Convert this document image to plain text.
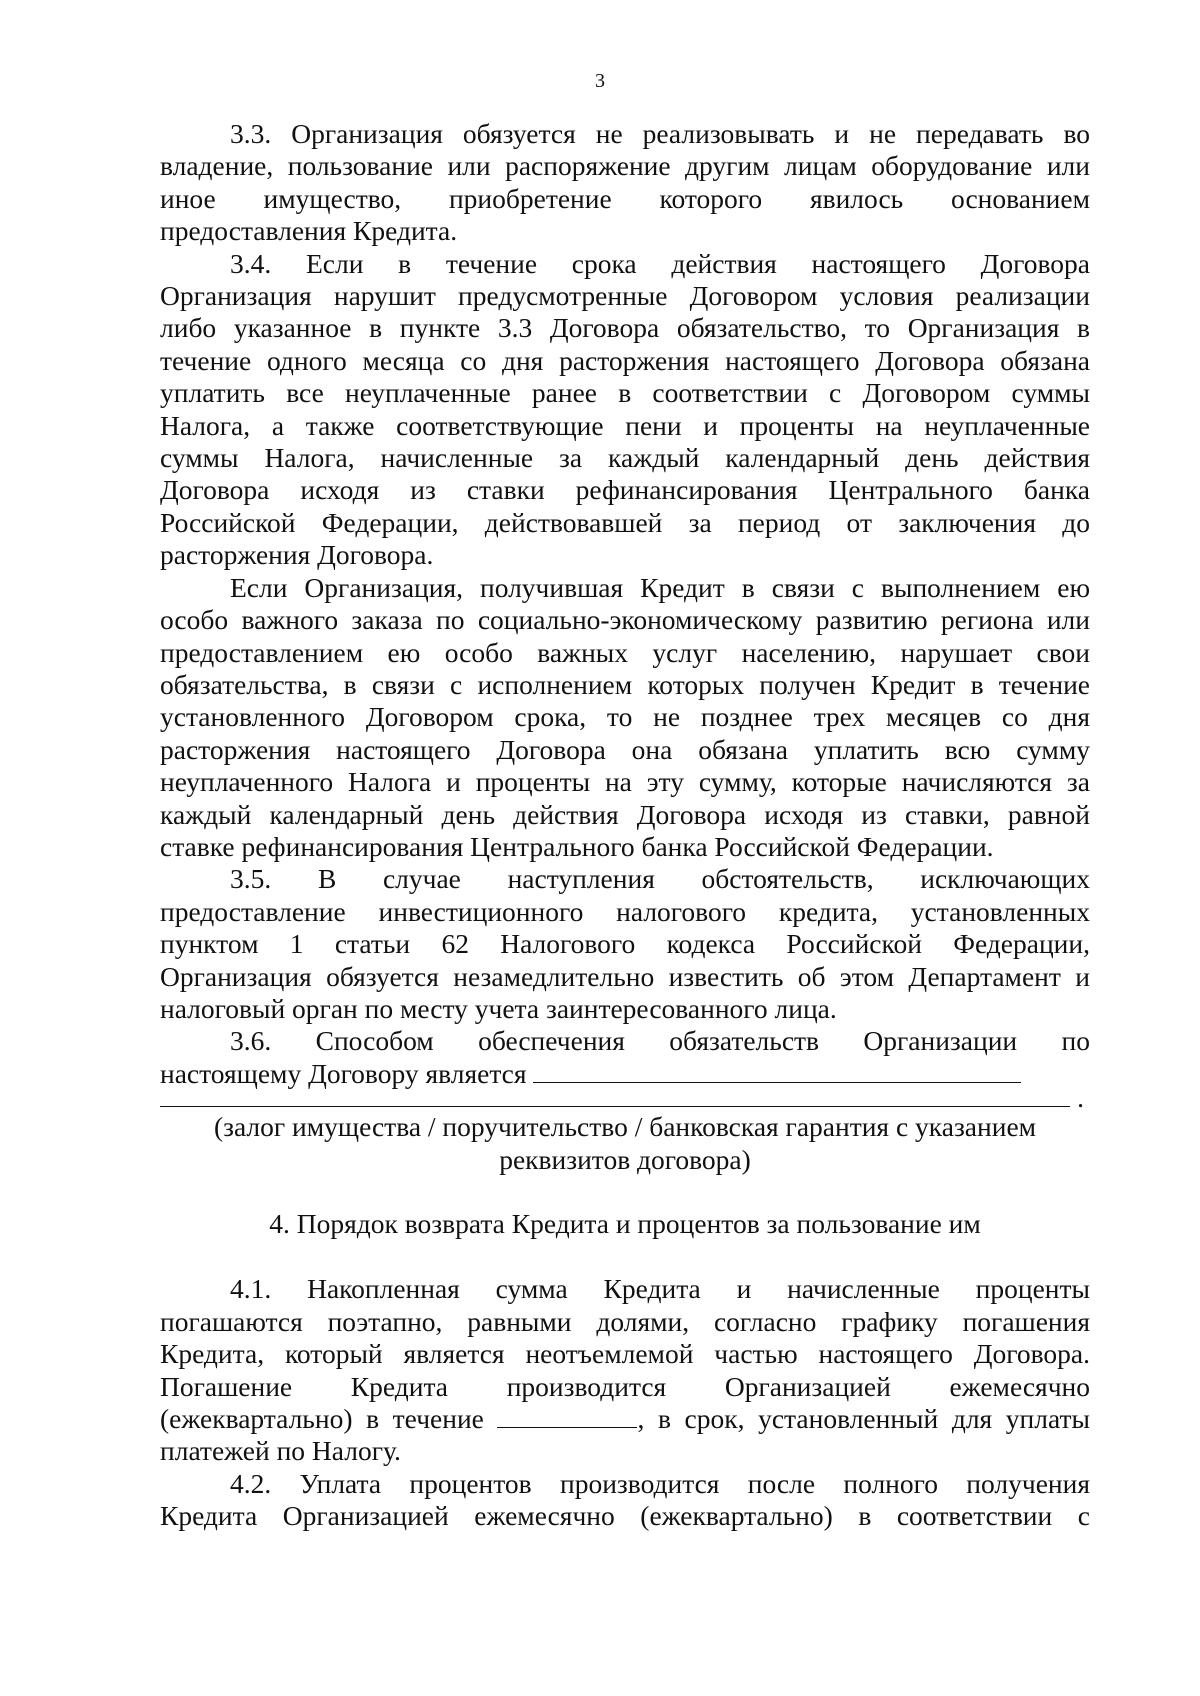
3

3.3. Организация обязуется не реализовывать и не передавать во

владение, пользование или распоряжение другим лицам оборудование или

иное имущество, приобретение которого явилось основанием

предоставления Кредита.

3.4. Если в течение срока действия настоящего Договора

Организация нарушит предусмотренные Договором условия реализации

либо указанное в пункте 3.3 Договора обязательство, то Организация в

течение одного месяца со дня расторжения настоящего Договора обязана

уплатить все неуплаченные ранее в соответствии с Договором суммы

Налога, а также соответствующие пени и проценты на неуплаченные

суммы Налога, начисленные за каждый календарный день действия

Договора исходя из ставки рефинансирования Центрального банка

Российской Федерации, действовавшей за период от заключения до

расторжения Договора.

Если Организация, получившая Кредит в связи с выполнением ею

особо важного заказа по социально-экономическому развитию региона или

предоставлением ею особо важных услуг населению, нарушает свои

обязательства, в связи с исполнением которых получен Кредит в течение

установленного Договором срока, то не позднее трех месяцев со дня

расторжения настоящего Договора она обязана уплатить всю сумму

неуплаченного Налога и проценты на эту сумму, которые начисляются за

каждый календарный день действия Договора исходя из ставки, равной

ставке рефинансирования Центрального банка Российской Федерации.

3.5. В случае наступления обстоятельств, исключающих

предоставление инвестиционного налогового кредита, установленных

пунктом 1 статьи 62 Налогового кодекса Российской Федерации,

Организация обязуется незамедлительно известить об этом Департамент и

налоговый орган по месту учета заинтересованного лица.

3.6. Способом обеспечения обязательств Организации по

настоящему Договору является

.

(залог имущества / поручительство / банковская гарантия с указанием

реквизитов договора)

4. Порядок возврата Кредита и процентов за пользование им

4.1. Накопленная сумма Кредита и начисленные проценты

погашаются поэтапно, равными долями, согласно графику погашения

Кредита, который является неотъемлемой частью настоящего Договора.

Погашение Кредита производится Организацией ежемесячно

(ежеквартально) в течение	, в срок, установленный для уплаты

платежей по Налогу.

4.2. Уплата процентов производится после полного получения

Кредита Организацией ежемесячно (ежеквартально) в соответствии с
